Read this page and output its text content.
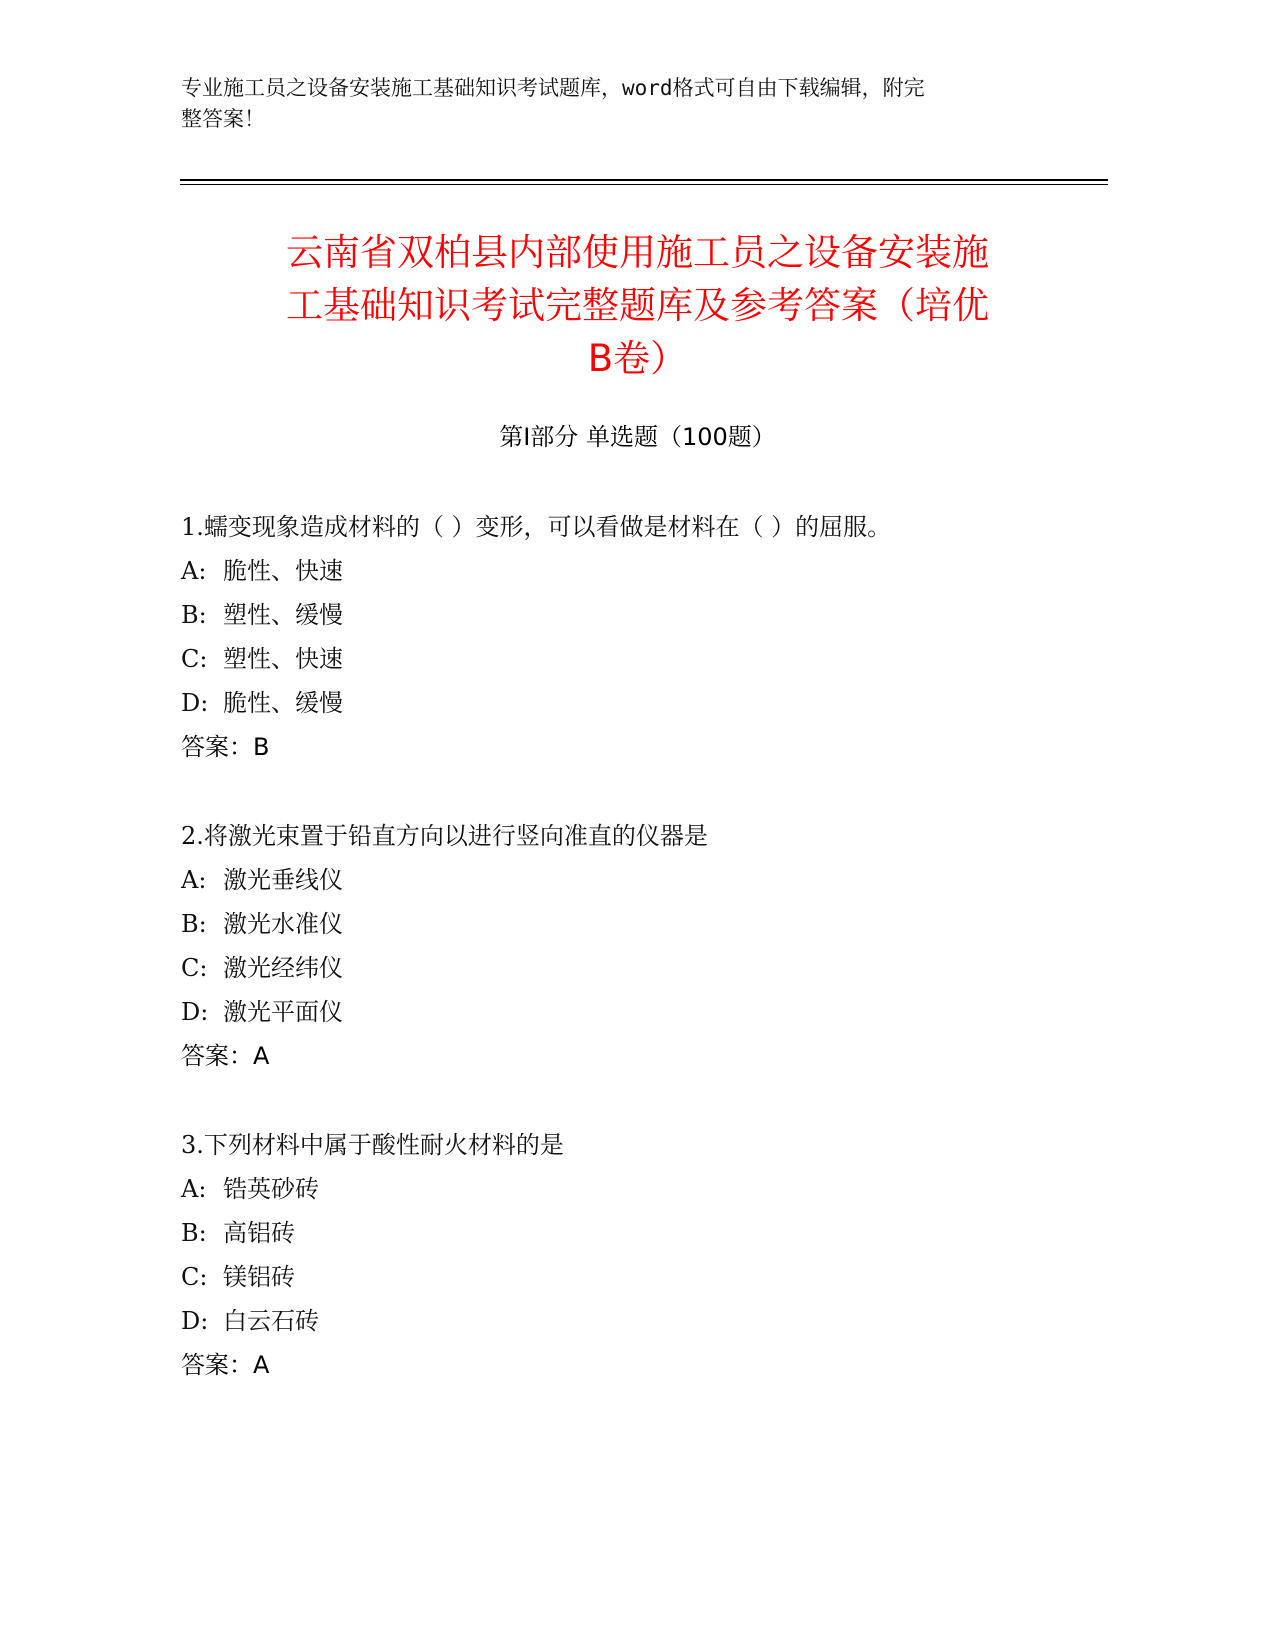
专业施工员之设备安装施工基础知识考试题库，word格式可自由下载编辑，附完
整答案！
云南省双柏县内部使用施工员之设备安装施
工基础知识考试完整题库及参考答案（培优
B卷）
第Ⅰ部分 单选题（100题）
1.蠕变现象造成材料的（ ）变形，可以看做是材料在（ ）的屈服。
A: 脆性、快速
B: 塑性、缓慢
C: 塑性、快速
D: 脆性、缓慢
答案：B
2.将激光束置于铅直方向以进行竖向准直的仪器是
A: 激光垂线仪
B: 激光水准仪
C: 激光经纬仪
D: 激光平面仪
答案：A
3.下列材料中属于酸性耐火材料的是
A: 锆英砂砖
B: 高铝砖
C: 镁铝砖
D: 白云石砖
答案：A
